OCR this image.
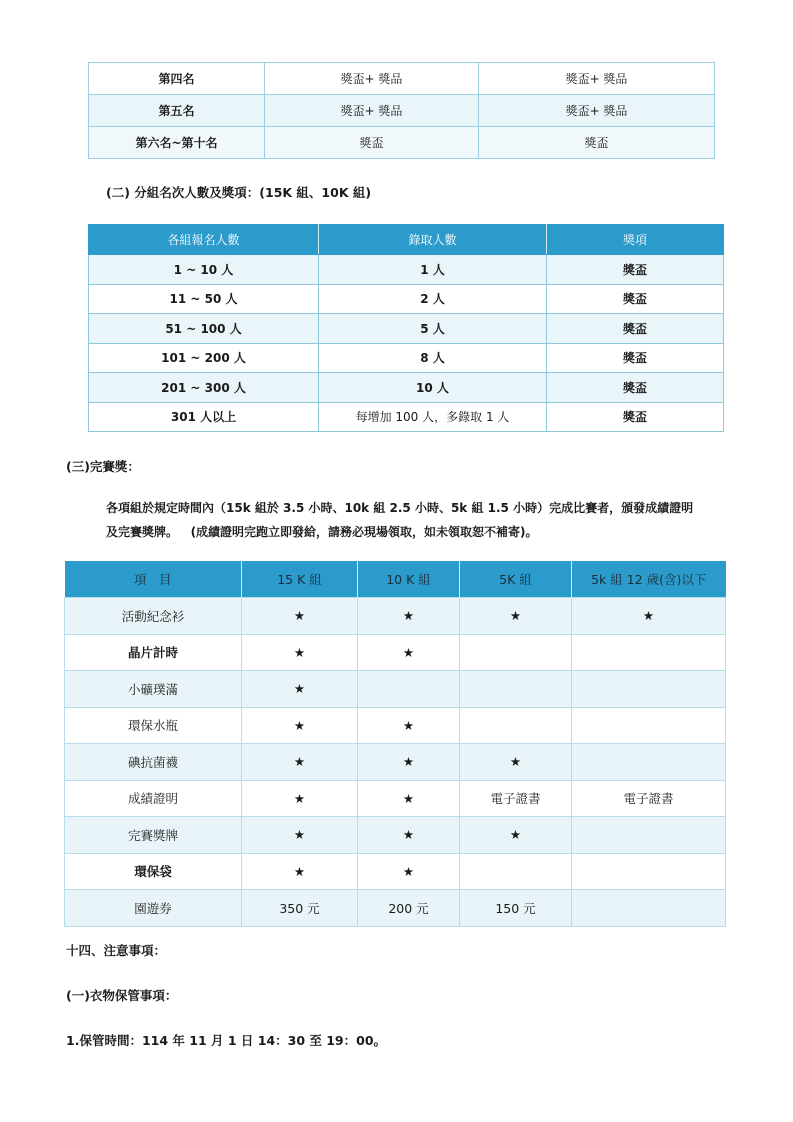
第四名	獎盃+ 獎品	獎盃+ 獎品
第五名	獎盃+ 獎品	獎盃+ 獎品
第六名~第十名	獎盃	獎盃

(二) 分組名次人數及獎項：(15K 組、10K 組)

各組報名人數	錄取人數	獎項
1 ~ 10 人	1 人	獎盃
11 ~ 50 人	2 人	獎盃
51 ~ 100 人	5 人	獎盃
101 ~ 200 人	8 人	獎盃
201 ~ 300 人	10 人	獎盃
301 人以上	每增加 100 人，多錄取 1 人	獎盃

(三)完賽獎：

各項組於規定時間內（15k 組於 3.5 小時、10k 組 2.5 小時、5k 組 1.5 小時）完成比賽者，頒發成績證明

及完賽獎牌。 (成績證明完跑立即發給，請務必現場領取，如未領取恕不補寄)。

項　目	15 K 組	10 K 組	5K 組	5k 組 12 歲(含)以下
活動紀念衫	★	★	★	★
晶片計時	★	★		
小礦璞滿	★			
環保水瓶	★	★		
碘抗菌襪	★	★	★	
成績證明	★	★	電子證書	電子證書
完賽獎牌	★	★	★	
環保袋	★	★		
園遊券	350 元	200 元	150 元	

十四、注意事項：

(一)衣物保管事項：

1.保管時間：114 年 11 月 1 日 14：30 至 19：00。
